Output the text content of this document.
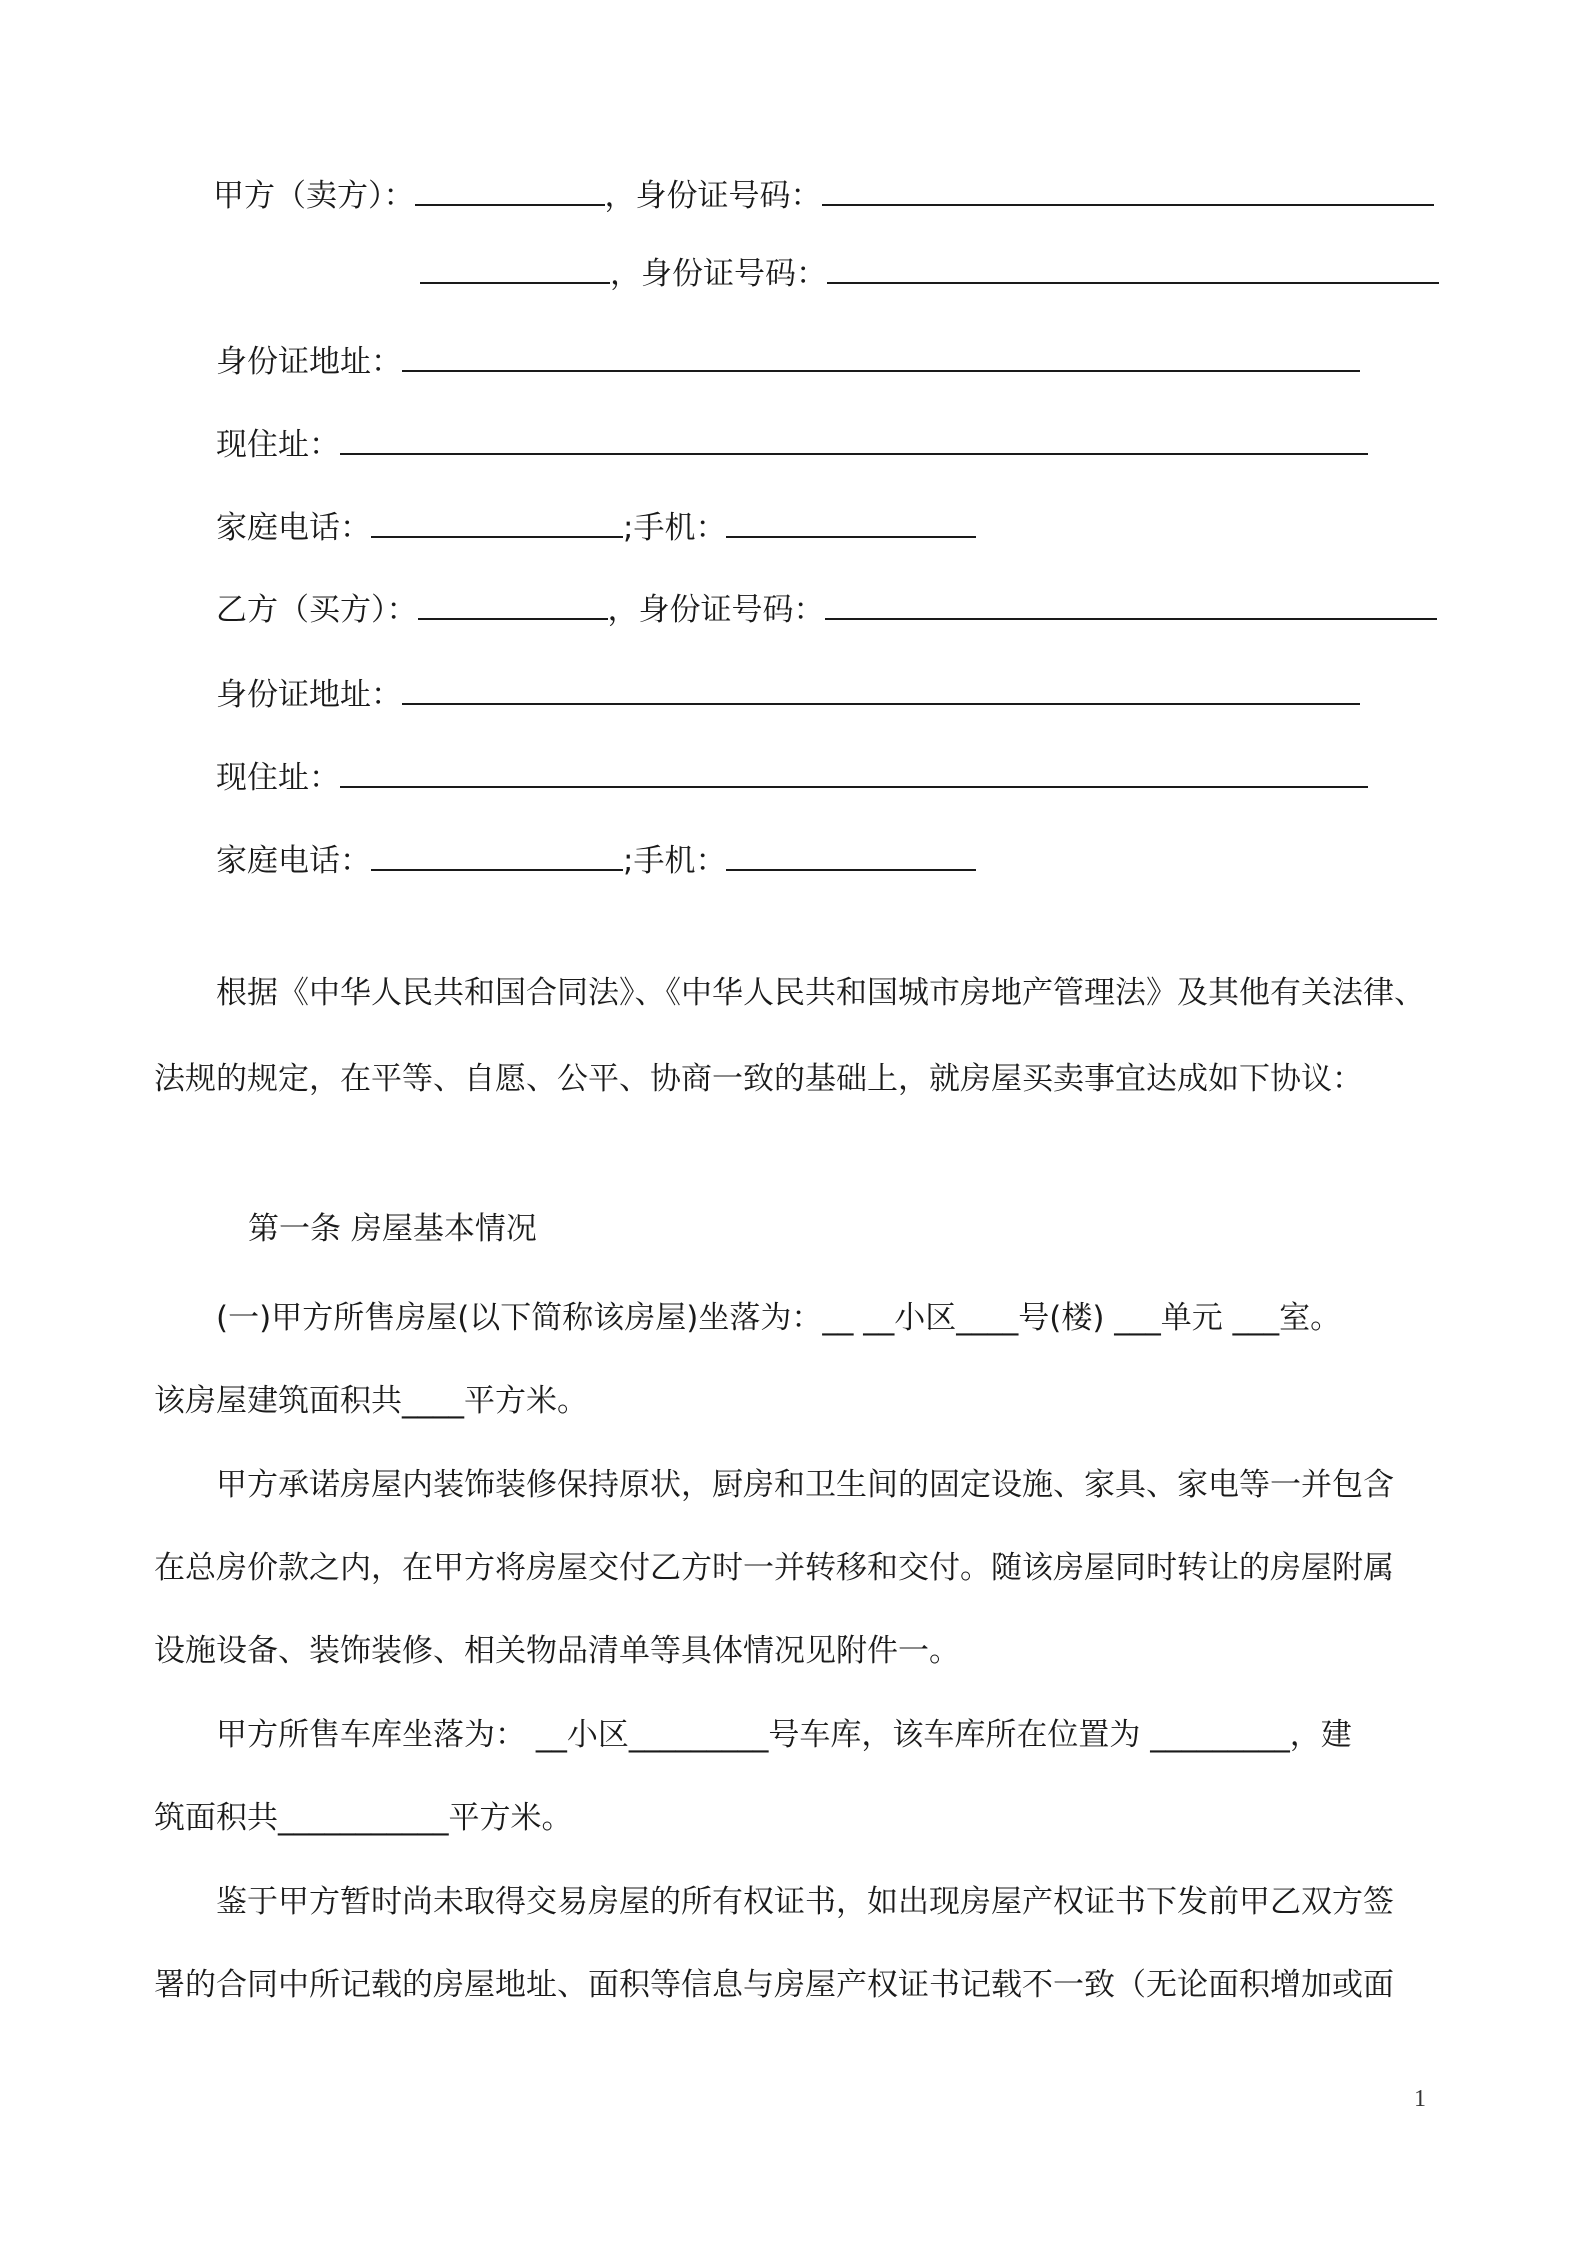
甲方（卖方）：	，身份证号码：
，身份证号码：
身份证地址：
现住址：
家庭电话：	;手机：
乙方（买方）：	，身份证号码：
身份证地址：
现住址：
家庭电话：	;手机：
根据《中华人民共和国合同法》、《中华人民共和国城市房地产管理法》及其他有关法律、
法规的规定，在平等、自愿、公平、协商一致的基础上，就房屋买卖事宜达成如下协议：
第一条 房屋基本情况
(一)甲方所售房屋(以下简称该房屋)坐落为：__ __小区____号(楼) ___单元 ___室。
该房屋建筑面积共____平方米。
甲方承诺房屋内装饰装修保持原状，厨房和卫生间的固定设施、家具、家电等一并包含
在总房价款之内，在甲方将房屋交付乙方时一并转移和交付。随该房屋同时转让的房屋附属
设施设备、装饰装修、相关物品清单等具体情况见附件一。
甲方所售车库坐落为： __小区_________号车库，该车库所在位置为 _________，建
筑面积共___________平方米。
鉴于甲方暂时尚未取得交易房屋的所有权证书，如出现房屋产权证书下发前甲乙双方签
署的合同中所记载的房屋地址、面积等信息与房屋产权证书记载不一致（无论面积增加或面
1
